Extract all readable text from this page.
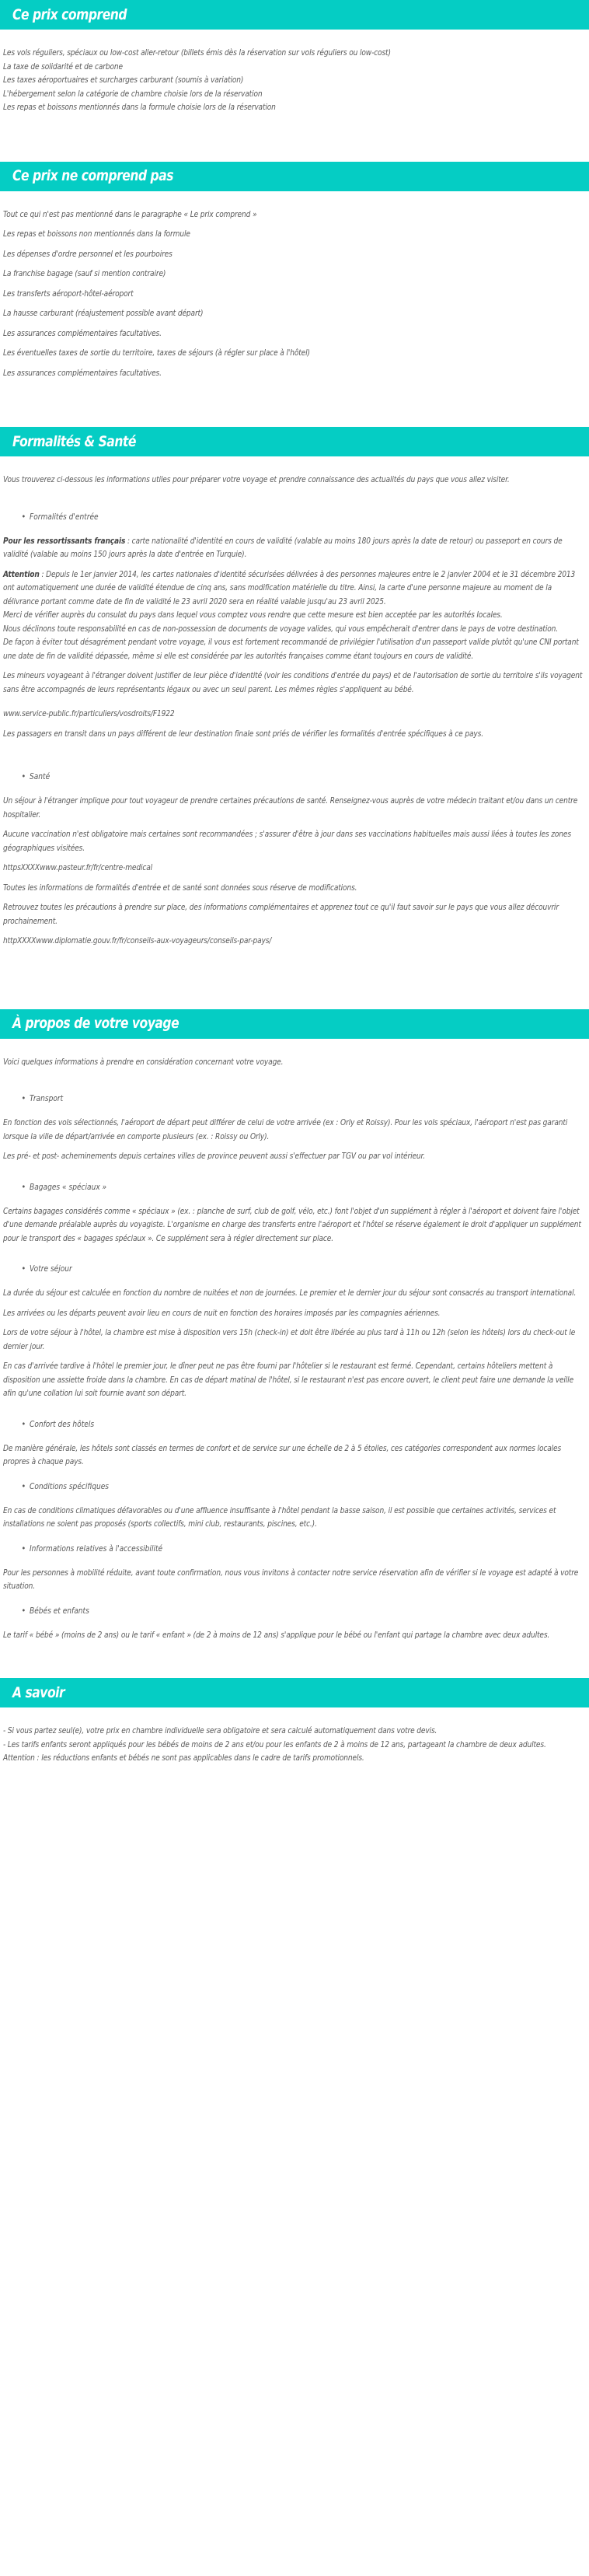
Ce prix comprend

Les vols réguliers, spéciaux ou low-cost aller-retour (billets émis dès la réservation sur vols réguliers ou low-cost)

La taxe de solidarité et de carbone

Les taxes aéroportuaires et surcharges carburant (soumis à variation)

L'hébergement selon la catégorie de chambre choisie lors de la réservation

Les repas et boissons mentionnés dans la formule choisie lors de la réservation

Ce prix ne comprend pas

Tout ce qui n'est pas mentionné dans le paragraphe « Le prix comprend »

Les repas et boissons non mentionnés dans la formule

Les dépenses d'ordre personnel et les pourboires

La franchise bagage (sauf si mention contraire)

Les transferts aéroport-hôtel-aéroport

La hausse carburant (réajustement possible avant départ)

Les assurances complémentaires facultatives.

Les éventuelles taxes de sortie du territoire, taxes de séjours (à régler sur place à l'hôtel)

Les assurances complémentaires facultatives.

Formalités & Santé

Vous trouverez ci-dessous les informations utiles pour préparer votre voyage et prendre connaissance des actualités du pays que vous allez visiter.

• Formalités d'entrée

Pour les ressortissants français : carte nationalité d'identité en cours de validité (valable au moins 180 jours après la date de retour) ou passeport en cours de validité (valable au moins 150 jours après la date d'entrée en Turquie).

Attention : Depuis le 1er janvier 2014, les cartes nationales d'identité sécurisées délivrées à des personnes majeures entre le 2 janvier 2004 et le 31 décembre 2013 ont automatiquement une durée de validité étendue de cinq ans, sans modification matérielle du titre. Ainsi, la carte d'une personne majeure au moment de la délivrance portant comme date de fin de validité le 23 avril 2020 sera en réalité valable jusqu'au 23 avril 2025.

Merci de vérifier auprès du consulat du pays dans lequel vous comptez vous rendre que cette mesure est bien acceptée par les autorités locales.

Nous déclinons toute responsabilité en cas de non-possession de documents de voyage valides, qui vous empêcherait d'entrer dans le pays de votre destination.

De façon à éviter tout désagrément pendant votre voyage, il vous est fortement recommandé de privilégier l'utilisation d'un passeport valide plutôt qu'une CNI portant une date de fin de validité dépassée, même si elle est considérée par les autorités françaises comme étant toujours en cours de validité.

Les mineurs voyageant à l'étranger doivent justifier de leur pièce d'identité (voir les conditions d'entrée du pays) et de l'autorisation de sortie du territoire s'ils voyagent sans être accompagnés de leurs représentants légaux ou avec un seul parent. Les mêmes règles s'appliquent au bébé.

www.service-public.fr/particuliers/vosdroits/F1922

Les passagers en transit dans un pays différent de leur destination finale sont priés de vérifier les formalités d'entrée spécifiques à ce pays.

• Santé

Un séjour à l'étranger implique pour tout voyageur de prendre certaines précautions de santé. Renseignez-vous auprès de votre médecin traitant et/ou dans un centre hospitalier.

Aucune vaccination n'est obligatoire mais certaines sont recommandées ; s'assurer d'être à jour dans ses vaccinations habituelles mais aussi liées à toutes les zones géographiques visitées.

httpsXXXXwww.pasteur.fr/fr/centre-medical

Toutes les informations de formalités d'entrée et de santé sont données sous réserve de modifications.

Retrouvez toutes les précautions à prendre sur place, des informations complémentaires et apprenez tout ce qu'il faut savoir sur le pays que vous allez découvrir prochainement.

httpXXXXwww.diplomatie.gouv.fr/fr/conseils-aux-voyageurs/conseils-par-pays/

À propos de votre voyage

Voici quelques informations à prendre en considération concernant votre voyage.

• Transport

En fonction des vols sélectionnés, l'aéroport de départ peut différer de celui de votre arrivée (ex : Orly et Roissy). Pour les vols spéciaux, l'aéroport n'est pas garanti lorsque la ville de départ/arrivée en comporte plusieurs (ex. : Roissy ou Orly).

Les pré- et post- acheminements depuis certaines villes de province peuvent aussi s'effectuer par TGV ou par vol intérieur.

• Bagages « spéciaux »

Certains bagages considérés comme « spéciaux » (ex. : planche de surf, club de golf, vélo, etc.) font l'objet d'un supplément à régler à l'aéroport et doivent faire l'objet d'une demande préalable auprès du voyagiste. L'organisme en charge des transferts entre l'aéroport et l'hôtel se réserve également le droit d'appliquer un supplément pour le transport des « bagages spéciaux ». Ce supplément sera à régler directement sur place.

• Votre séjour

La durée du séjour est calculée en fonction du nombre de nuitées et non de journées. Le premier et le dernier jour du séjour sont consacrés au transport international.

Les arrivées ou les départs peuvent avoir lieu en cours de nuit en fonction des horaires imposés par les compagnies aériennes.

Lors de votre séjour à l'hôtel, la chambre est mise à disposition vers 15h (check-in) et doit être libérée au plus tard à 11h ou 12h (selon les hôtels) lors du check-out le dernier jour.

En cas d'arrivée tardive à l'hôtel le premier jour, le dîner peut ne pas être fourni par l'hôtelier si le restaurant est fermé. Cependant, certains hôteliers mettent à disposition une assiette froide dans la chambre. En cas de départ matinal de l'hôtel, si le restaurant n'est pas encore ouvert, le client peut faire une demande la veille afin qu'une collation lui soit fournie avant son départ.

• Confort des hôtels

De manière générale, les hôtels sont classés en termes de confort et de service sur une échelle de 2 à 5 étoiles, ces catégories correspondent aux normes locales propres à chaque pays.

• Conditions spécifiques

En cas de conditions climatiques défavorables ou d'une affluence insuffisante à l'hôtel pendant la basse saison, il est possible que certaines activités, services et installations ne soient pas proposés (sports collectifs, mini club, restaurants, piscines, etc.).

• Informations relatives à l'accessibilité

Pour les personnes à mobilité réduite, avant toute confirmation, nous vous invitons à contacter notre service réservation afin de vérifier si le voyage est adapté à votre situation.

• Bébés et enfants

Le tarif « bébé » (moins de 2 ans) ou le tarif « enfant » (de 2 à moins de 12 ans) s'applique pour le bébé ou l'enfant qui partage la chambre avec deux adultes.

A savoir

- Si vous partez seul(e), votre prix en chambre individuelle sera obligatoire et sera calculé automatiquement dans votre devis.

- Les tarifs enfants seront appliqués pour les bébés de moins de 2 ans et/ou pour les enfants de 2 à moins de 12 ans, partageant la chambre de deux adultes.

Attention : les réductions enfants et bébés ne sont pas applicables dans le cadre de tarifs promotionnels.
